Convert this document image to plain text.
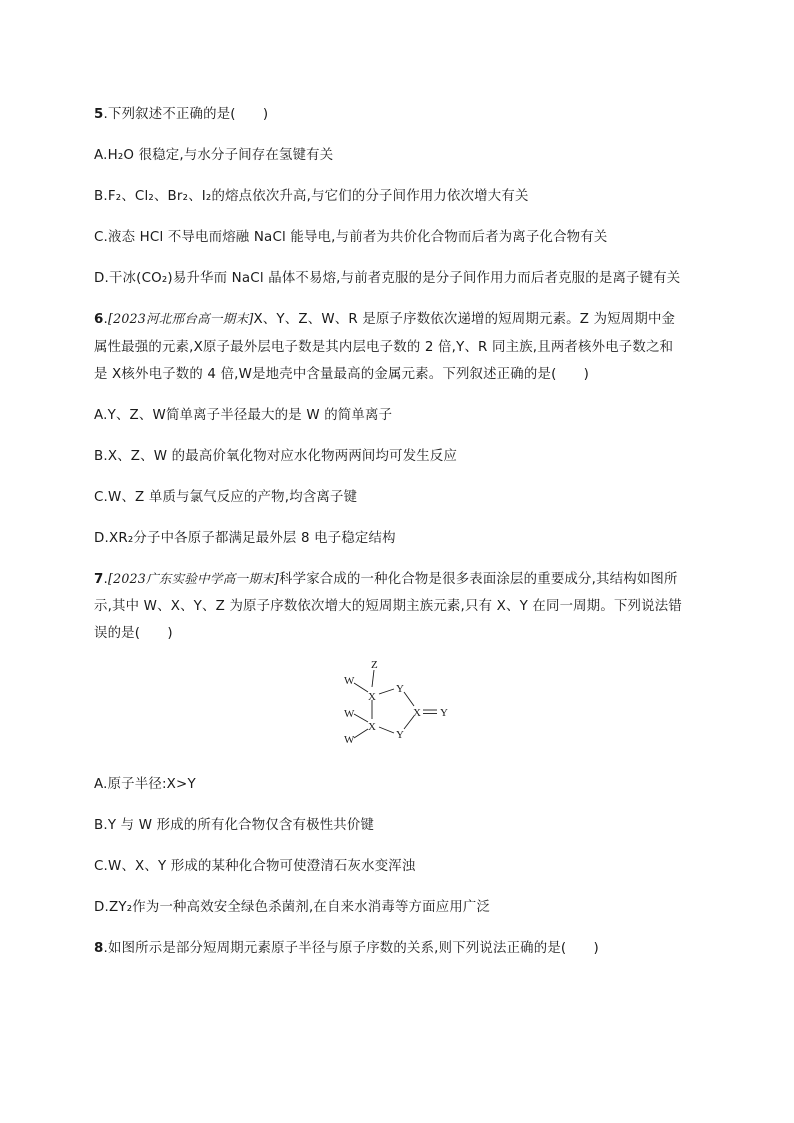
5.下列叙述不正确的是(　　)
A.H₂O 很稳定,与水分子间存在氢键有关
B.F₂、Cl₂、Br₂、I₂的熔点依次升高,与它们的分子间作用力依次增大有关
C.液态 HCl 不导电而熔融 NaCl 能导电,与前者为共价化合物而后者为离子化合物有关
D.干冰(CO₂)易升华而 NaCl 晶体不易熔,与前者克服的是分子间作用力而后者克服的是离子键有关
6.[2023河北邢台高一期末]X、Y、Z、W、R 是原子序数依次递增的短周期元素。Z 为短周期中金
属性最强的元素,X原子最外层电子数是其内层电子数的 2 倍,Y、R 同主族,且两者核外电子数之和
是 X核外电子数的 4 倍,W是地壳中含量最高的金属元素。下列叙述正确的是(　　)
A.Y、Z、W简单离子半径最大的是 W 的简单离子
B.X、Z、W 的最高价氧化物对应水化物两两间均可发生反应
C.W、Z 单质与氯气反应的产物,均含离子键
D.XR₂分子中各原子都满足最外层 8 电子稳定结构
7.[2023广东实验中学高一期末]科学家合成的一种化合物是很多表面涂层的重要成分,其结构如图所
示,其中 W、X、Y、Z 为原子序数依次增大的短周期主族元素,只有 X、Y 在同一周期。下列说法错
误的是(　　)
Z
W
X
Y
W	X Y
X
Y
W
A.原子半径:X>Y
B.Y 与 W 形成的所有化合物仅含有极性共价键
C.W、X、Y 形成的某种化合物可使澄清石灰水变浑浊
D.ZY₂作为一种高效安全绿色杀菌剂,在自来水消毒等方面应用广泛
8.如图所示是部分短周期元素原子半径与原子序数的关系,则下列说法正确的是(　　)
